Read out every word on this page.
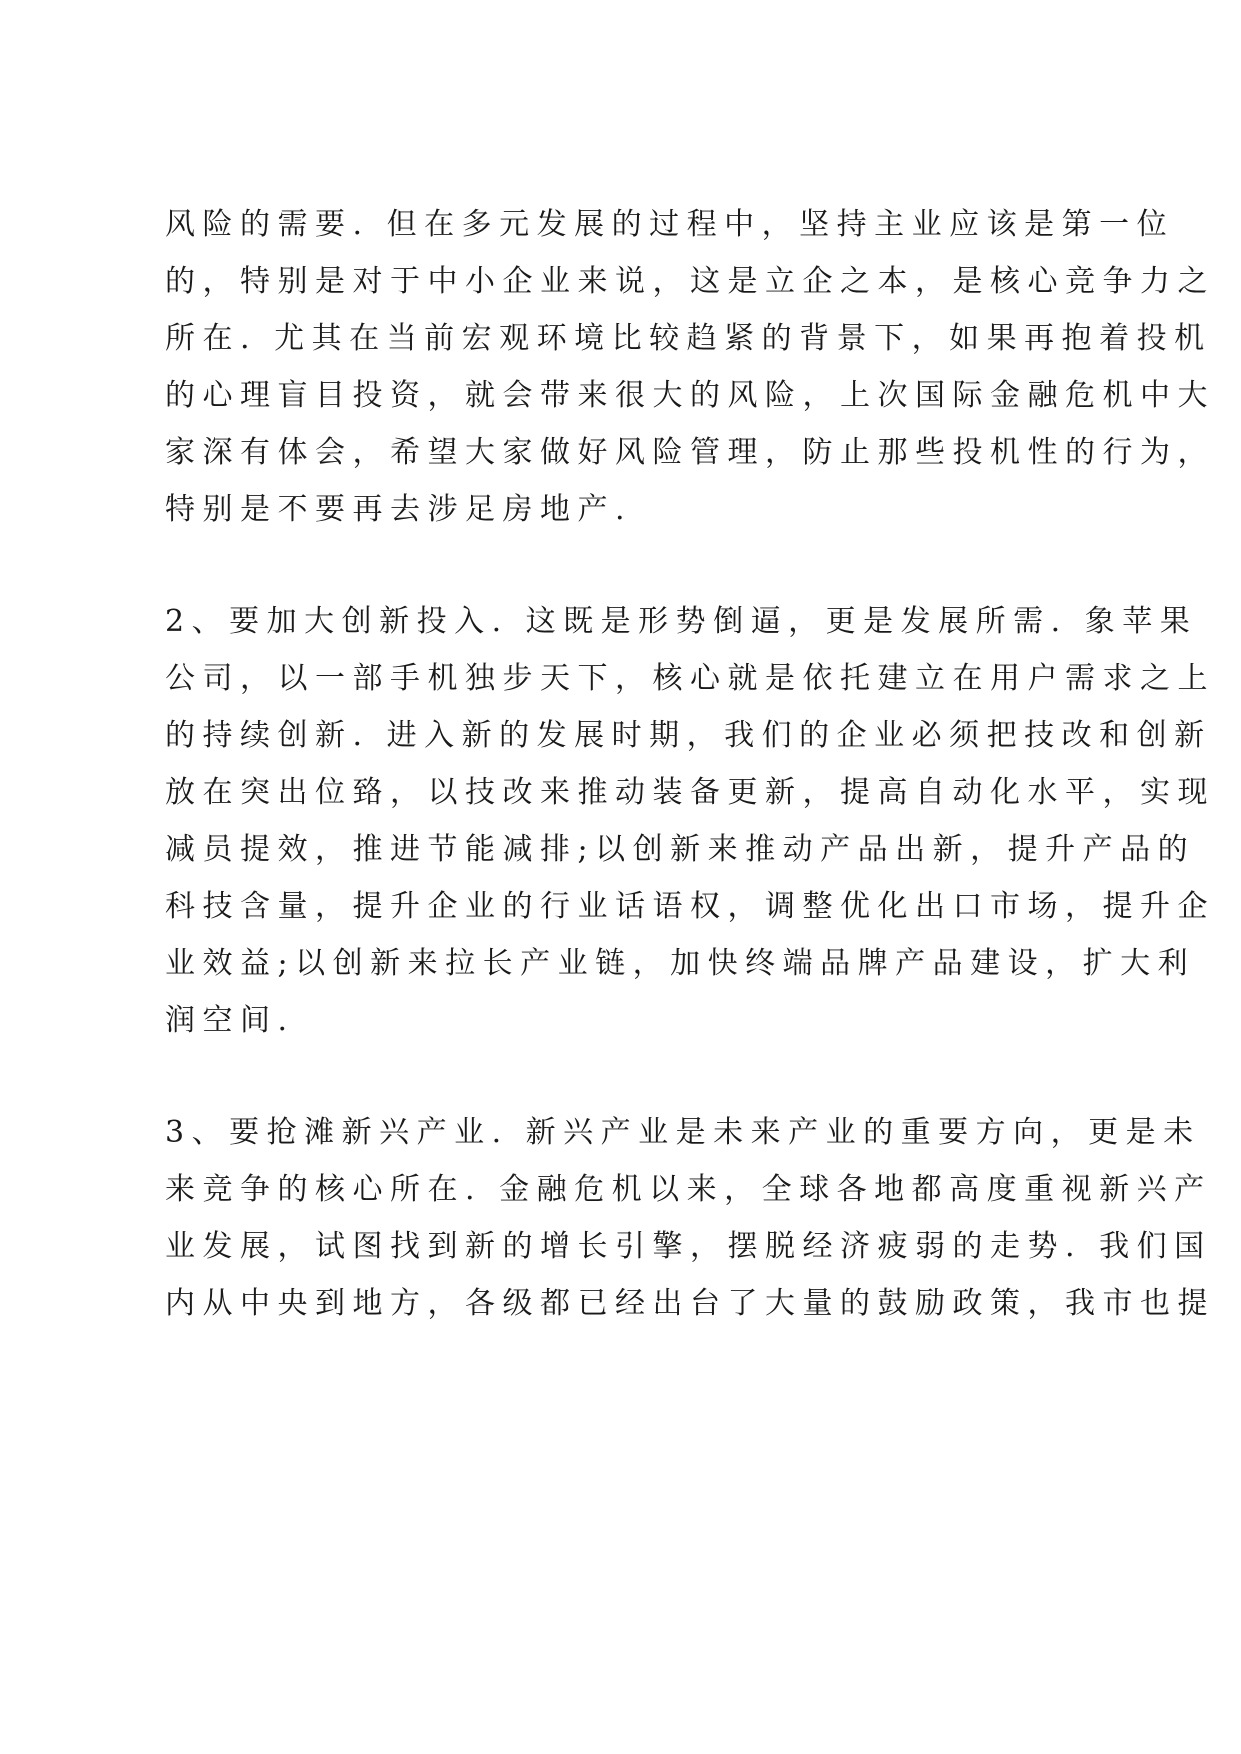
风险的需要. 但在多元发展的过程中，坚持主业应该是第一位
的，特别是对于中小企业来说，这是立企之本，是核心竞争力之
所在. 尤其在当前宏观环境比较趋紧的背景下，如果再抱着投机
的心理盲目投资，就会带来很大的风险，上次国际金融危机中大
家深有体会，希望大家做好风险管理，防止那些投机性的行为，
特别是不要再去涉足房地产.
2、要加大创新投入. 这既是形势倒逼，更是发展所需. 象苹果
公司，以一部手机独步天下，核心就是依托建立在用户需求之上
的持续创新. 进入新的发展时期，我们的企业必须把技改和创新
放在突出位臵，以技改来推动装备更新，提高自动化水平，实现
减员提效，推进节能减排;以创新来推动产品出新，提升产品的
科技含量，提升企业的行业话语权，调整优化出口市场，提升企
业效益;以创新来拉长产业链，加快终端品牌产品建设，扩大利
润空间.
3、要抢滩新兴产业. 新兴产业是未来产业的重要方向，更是未
来竞争的核心所在. 金融危机以来，全球各地都高度重视新兴产
业发展，试图找到新的增长引擎，摆脱经济疲弱的走势. 我们国
内从中央到地方，各级都已经出台了大量的鼓励政策，我市也提
